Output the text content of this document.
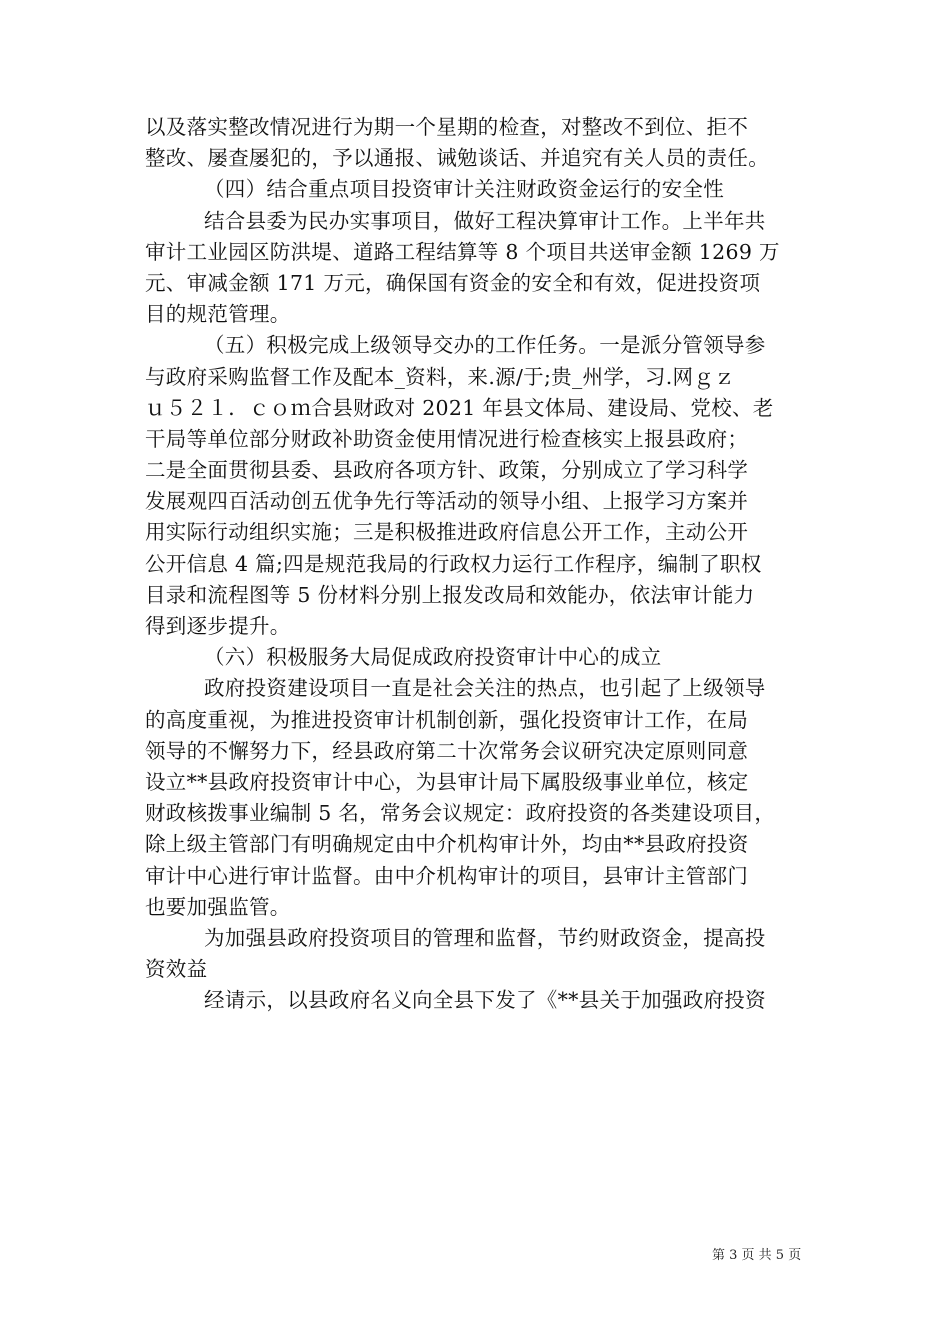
以及落实整改情况进行为期一个星期的检查，对整改不到位、拒不
整改、屡查屡犯的，予以通报、诫勉谈话、并追究有关人员的责任。

（四）结合重点项目投资审计关注财政资金运行的安全性

结合县委为民办实事项目，做好工程决算审计工作。上半年共
审计工业园区防洪堤、道路工程结算等 8 个项目共送审金额 1269 万
元、审减金额 171 万元，确保国有资金的安全和有效，促进投资项
目的规范管理。

（五）积极完成上级领导交办的工作任务。一是派分管领导参
与政府采购监督工作及配本_资料，来.源/于;贵_州学，习.网ｇｚ
ｕ５２１．ｃｏｍ合县财政对 2021 年县文体局、建设局、党校、老
干局等单位部分财政补助资金使用情况进行检查核实上报县政府；
二是全面贯彻县委、县政府各项方针、政策，分别成立了学习科学
发展观四百活动创五优争先行等活动的领导小组、上报学习方案并
用实际行动组织实施；三是积极推进政府信息公开工作，主动公开
公开信息 4 篇;四是规范我局的行政权力运行工作程序，编制了职权
目录和流程图等 5 份材料分别上报发改局和效能办，依法审计能力
得到逐步提升。

（六）积极服务大局促成政府投资审计中心的成立

政府投资建设项目一直是社会关注的热点，也引起了上级领导
的高度重视，为推进投资审计机制创新，强化投资审计工作，在局
领导的不懈努力下，经县政府第二十次常务会议研究决定原则同意
设立**县政府投资审计中心，为县审计局下属股级事业单位，核定
财政核拨事业编制 5 名，常务会议规定：政府投资的各类建设项目，
除上级主管部门有明确规定由中介机构审计外，均由**县政府投资
审计中心进行审计监督。由中介机构审计的项目，县审计主管部门
也要加强监管。

为加强县政府投资项目的管理和监督，节约财政资金，提高投
资效益

经请示，以县政府名义向全县下发了《**县关于加强政府投资

第 3 页 共 5 页
